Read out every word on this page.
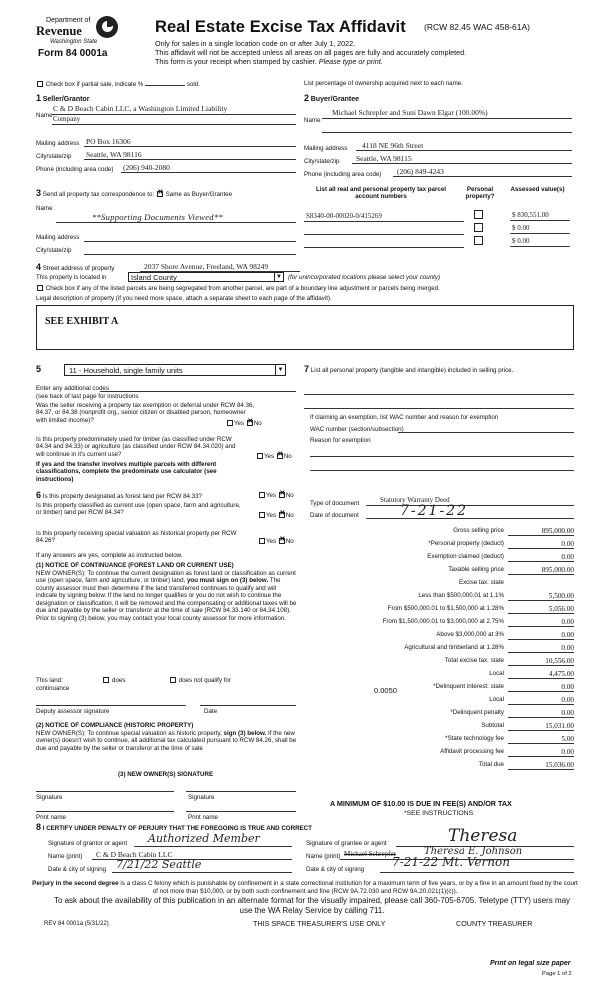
Department of
Revenue
Washington State
Form 84 0001a
Real Estate Excise Tax Affidavit (RCW 82.45 WAC 458-61A)
Only for sales in a single location code on or after July 1, 2022.
This affidavit will not be accepted unless all areas on all pages are fully and accurately completed.
This form is your receipt when stamped by cashier. Please type or print.
Check box if partial sale, indicate %	sold.	List percentage of ownership acquired next to each name.
1 Seller/Grantor
Name
C & D Beach Cabin LLC, a Washington Limited Liability
Company
Mailing address PO Box 16306
City/state/zip Seattle, WA 98116
Phone (including area code) (206) 940-2080
2 Buyer/Grantee
Name
Michael Schrepfer and Suni Dawn Elgar (100.00%)
Mailing address 4118 NE 96th Street
City/state/zip Seattle, WA 98115
Phone (including area code) (206) 849-4243
3 Send all property tax correspondence to: ✕ Same as Buyer/Grantee
Name
**Supporting Documents Viewed**
Mailing address
City/state/zip
List all real and personal property tax parcel account numbers
Personal property?
Assessed value(s)
S8340-00-00020-0/415269	$ 830,551.00
$ 0.00
$ 0.00
4 Street address of property	2037 Shore Avenue, Freeland, WA 98249
This property is located in	Island County	▼ (for unincorporated locations please select your county)
Check box if any of the listed parcels are being segregated from another parcel, are part of a boundary line adjustment or parcels being merged.
Legal description of property (if you need more space, attach a separate sheet to each page of the affidavit).
SEE EXHIBIT A
5	11 - Household, single family units	▼
Enter any additional codes
(see back of last page for instructions
Was the seller receiving a property tax exemption or deferral under RCW 84.36, 84.37, or 84.38 (nonprofit org., senior citizen or disabled person, homeowner with limited income)?	Yes ✕ No
Is this property predominately used for timber (as classified under RCW 84.34 and 84.33) or agriculture (as classified under RCW 84.34.020) and will continue in it's current use?
If yes and the transfer involves multiple parcels with different classifications, complete the predominate use calculator (see instructions)
Yes ✕ No
7 List all personal property (tangible and intangible) included in selling price.
If claiming an exemption, list WAC number and reason for exemption
WAC number (section/subsection)
Reason for exemption
6 Is this property designated as forest land per RCW 84.33?	Yes ✕ No
Is this property classified as current use (open space, farm and agriculture, or timber) land per RCW 84.34?	Yes ✕ No
Is this property receiving special valuation as historical property per RCW 84.26?	Yes ✕ No
If any answers are yes, complete as instructed below.
(1) NOTICE OF CONTINUANCE (FOREST LAND OR CURRENT USE)
NEW OWNER(S): To continue the current designation as forest land or classification as current use (open space, farm and agriculture, or timber) land, you must sign on (3) below. The county assessor must then determine if the land transferred continues to qualify and will indicate by signing below. If the land no longer qualifies or you do not wish to continue the designation or classification, it will be removed and the compensating or additional taxes will be due and payable by the seller or transferor at the time of sale (RCW 84.33.140 or 84.34.108). Prior to signing (3) below, you may contact your local county assessor for more information.
This land:	does	does not qualify for
continuance
Deputy assessor signature	Date
(2) NOTICE OF COMPLIANCE (HISTORIC PROPERTY)
NEW OWNER(S): To continue special valuation as historic property, sign (3) below. If the new owner(s) doesn't wish to continue, all additional tax calculated pursuant to RCW 84.26, shall be due and payable by the seller or transferor at the time of sale
(3) NEW OWNER(S) SIGNATURE
Signature	Signature
Print name	Print name
Type of document	Statutory Warranty Deed
Date of document	7-21-22
Gross selling price	895,000.00
*Personal property (deduct)	0.00
Exemption claimed (deduct)	0.00
Taxable selling price	895,000.00
Excise tax: state
Less than $500,000.01 at 1.1%	5,500.00
From $500,000.01 to $1,500,000 at 1.28%	5,056.00
From $1,500,000.01 to $3,000,000 at 2.75%	0.00
Above $3,000,000 at 3%	0.00
Agricultural and timberland at 1.28%	0.00
Total excise tax: state	10,556.00
Local	4,475.00
*Delinquent interest: state	0.00
Local	0.00
*Delinquent penalty	0.00
Subtotal	15,031.00
*State technology fee	5.00
Affidavit processing fee	0.00
Total due	15,036.00
0.0050
A MINIMUM OF $10.00 IS DUE IN FEE(S) AND/OR TAX
*SEE INSTRUCTIONS
8 I CERTIFY UNDER PENALTY OF PERJURY THAT THE FOREGOING IS TRUE AND CORRECT
Signature of grantor or agent Authorized Member
Name (print) C & D Beach Cabin LLC
Date & city of signing 7/21/22 Seattle
Signature of grantee or agent	Theresa
Name (print) Michael Schrepfer	Theresa E. Johnson
Date & city of signing
7-21-22 Mt. Vernon
Perjury in the second degree is a class C felony which is punishable by confinement in a state correctional institution for a maximum term of five years, or by a fine in an amount fixed by the court of not more than $10,000, or by both such confinement and fine (RCW 9A.72.030 and RCW 9A.20.021(1)(c)).
To ask about the availability of this publication in an alternate format for the visually impaired, please call 360-705-6705. Teletype (TTY) users may use the WA Relay Service by calling 711.
REV 84 0001a (5/31/22)	THIS SPACE TREASURER'S USE ONLY	COUNTY TREASURER
Print on legal size paper
Page 1 of 2
